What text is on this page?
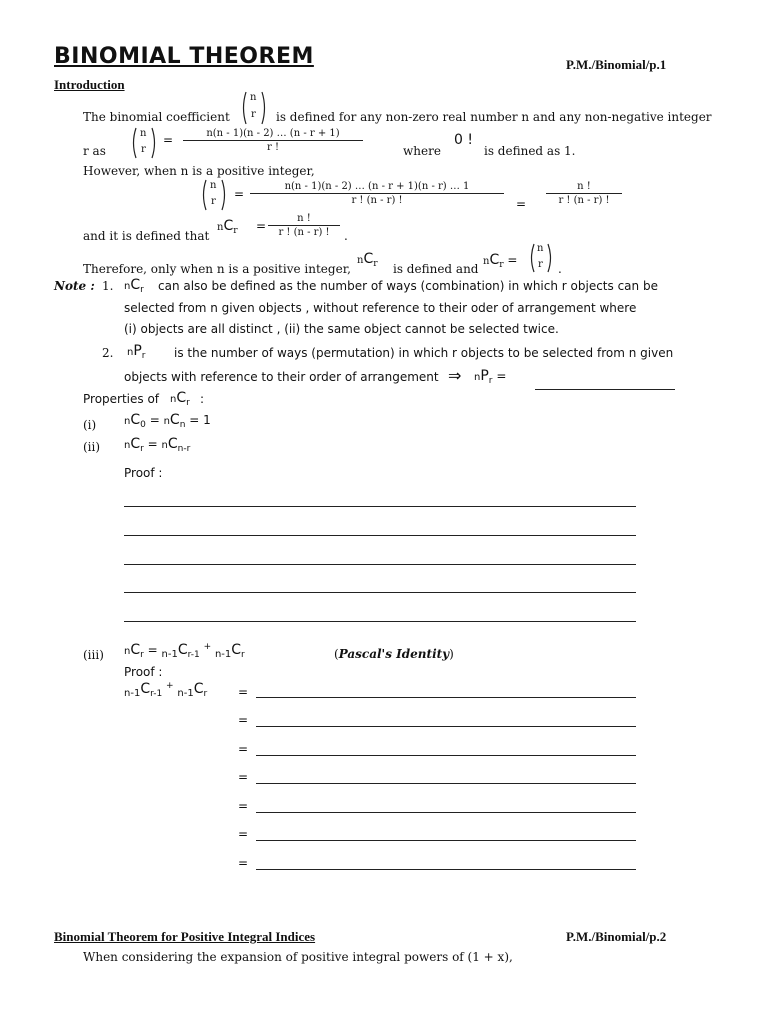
BINOMIAL THEOREM	P.M./Binomial/p.1
Introduction
The binomial coefficient
n
r is defined for any non-zero real number n and any non-negative integer
r as
n
r
=	n(n - 1)(n - 2) … (n - r + 1)
r !	where
0 !
is defined as 1.
However, when n is a positive integer,
n
r
=
n(n - 1)(n - 2) … (n - r + 1)(n - r) … 1
r ! (n - r) !	=
n !
r ! (n - r) !
and it is defined that
$nC_r$ =
n !
r ! (n - r) !	.
Therefore, only when n is a positive integer,
$nC_r$ is defined and
$nC_r$ =
n
r .
Note : 1. $nC_r$ can also be defined as the number of ways (combination) in which r objects can be
selected from n given objects , without reference to their oder of arrangement where
(i) objects are all distinct , (ii) the same object cannot be selected twice.
2. $nP_r$ is the number of ways (permutation) in which r objects to be selected from n given
objects with reference to their order of arrangement ⇒ $nP_r$ =
Properties of $nC_r$ :
(i)	$nC_0 = nC_n = 1$
(ii) $nC_r = nC_{n-r}$
Proof :
(iii) $nC_r = _{n-1}C_{r-1}$ + $_{n-1}C_r$	(Pascal's Identity)
Proof :
$_{n-1}C_{r-1}$ + $_{n-1}C_r$	=
=
=
=
=
=
=
Binomial Theorem for Positive Integral Indices	P.M./Binomial/p.2
When considering the expansion of positive integral powers of (1 + x),
